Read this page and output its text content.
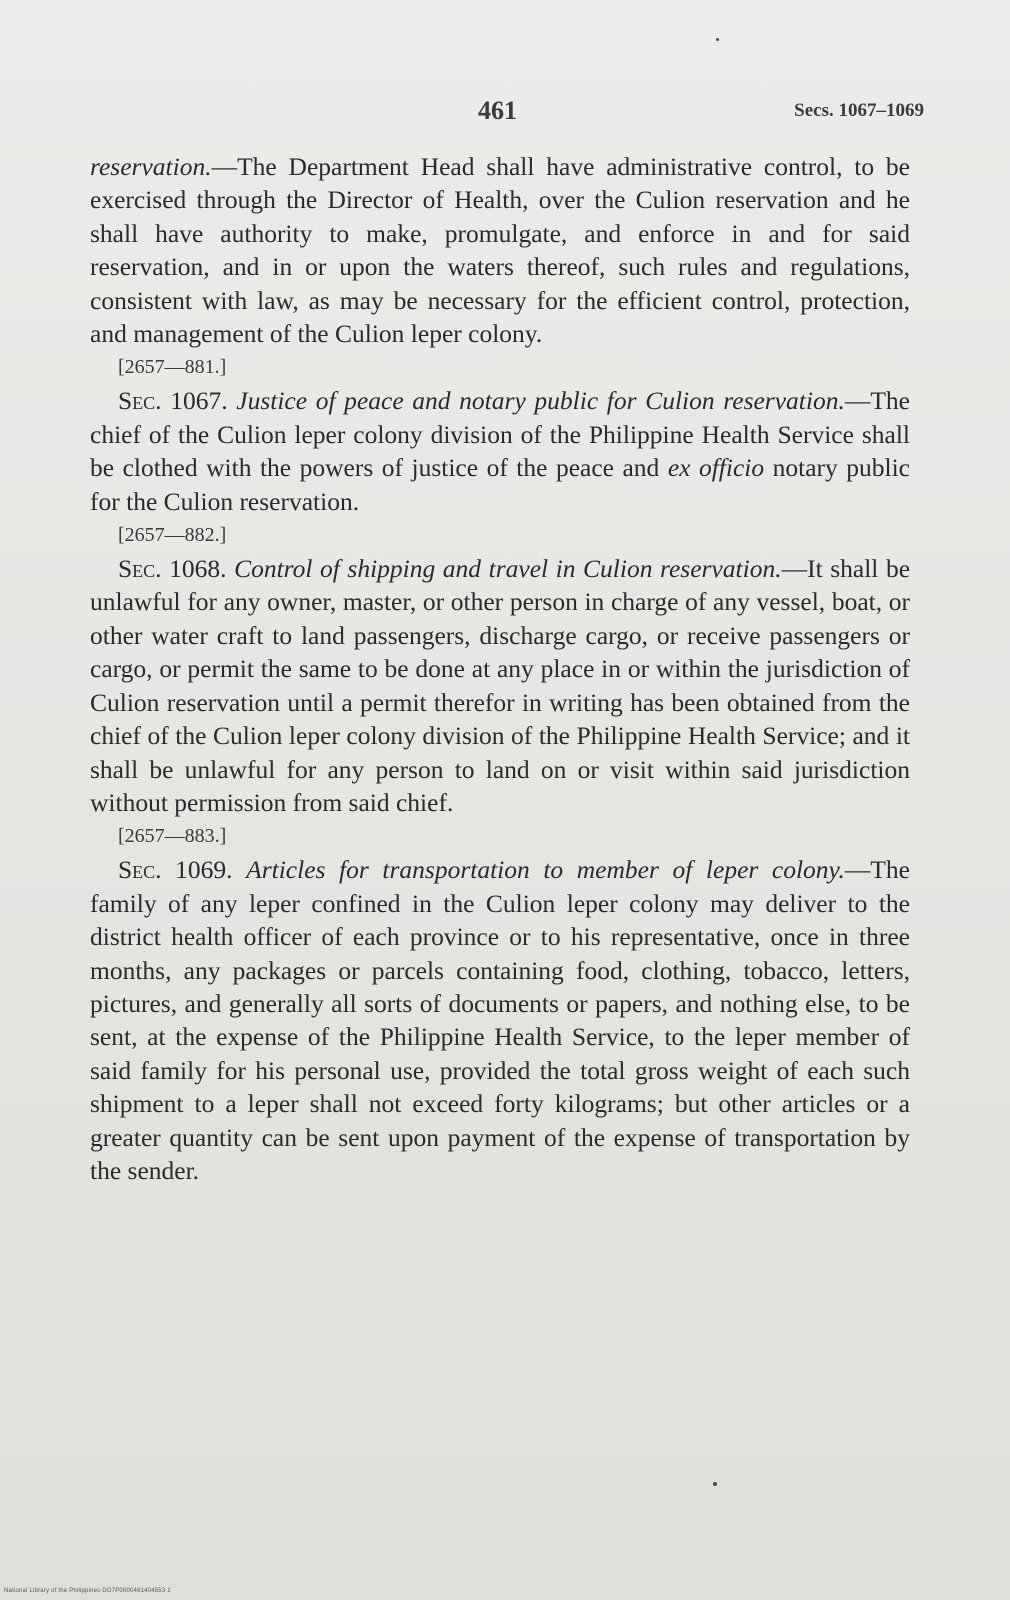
461	Secs. 1067–1069

reservation.—The Department Head shall have administrative control, to be exercised through the Director of Health, over the Culion reservation and he shall have authority to make, promulgate, and enforce in and for said reservation, and in or upon the waters thereof, such rules and regulations, consistent with law, as may be necessary for the efficient control, protection, and management of the Culion leper colony.

[2657—881.]

Sec. 1067. Justice of peace and notary public for Culion reservation.—The chief of the Culion leper colony division of the Philippine Health Service shall be clothed with the powers of justice of the peace and ex officio notary public for the Culion reservation.

[2657—882.]

Sec. 1068. Control of shipping and travel in Culion reservation.—It shall be unlawful for any owner, master, or other person in charge of any vessel, boat, or other water craft to land passengers, discharge cargo, or receive passengers or cargo, or permit the same to be done at any place in or within the jurisdiction of Culion reservation until a permit therefor in writing has been obtained from the chief of the Culion leper colony division of the Philippine Health Service; and it shall be unlawful for any person to land on or visit within said jurisdiction without permission from said chief.

[2657—883.]

Sec. 1069. Articles for transportation to member of leper colony.—The family of any leper confined in the Culion leper colony may deliver to the district health officer of each province or to his representative, once in three months, any packages or parcels containing food, clothing, tobacco, letters, pictures, and generally all sorts of documents or papers, and nothing else, to be sent, at the expense of the Philippine Health Service, to the leper member of said family for his personal use, provided the total gross weight of each such shipment to a leper shall not exceed forty kilograms; but other articles or a greater quantity can be sent upon payment of the expense of transportation by the sender.

National Library of the Philippines DO7P0000461404553 1
